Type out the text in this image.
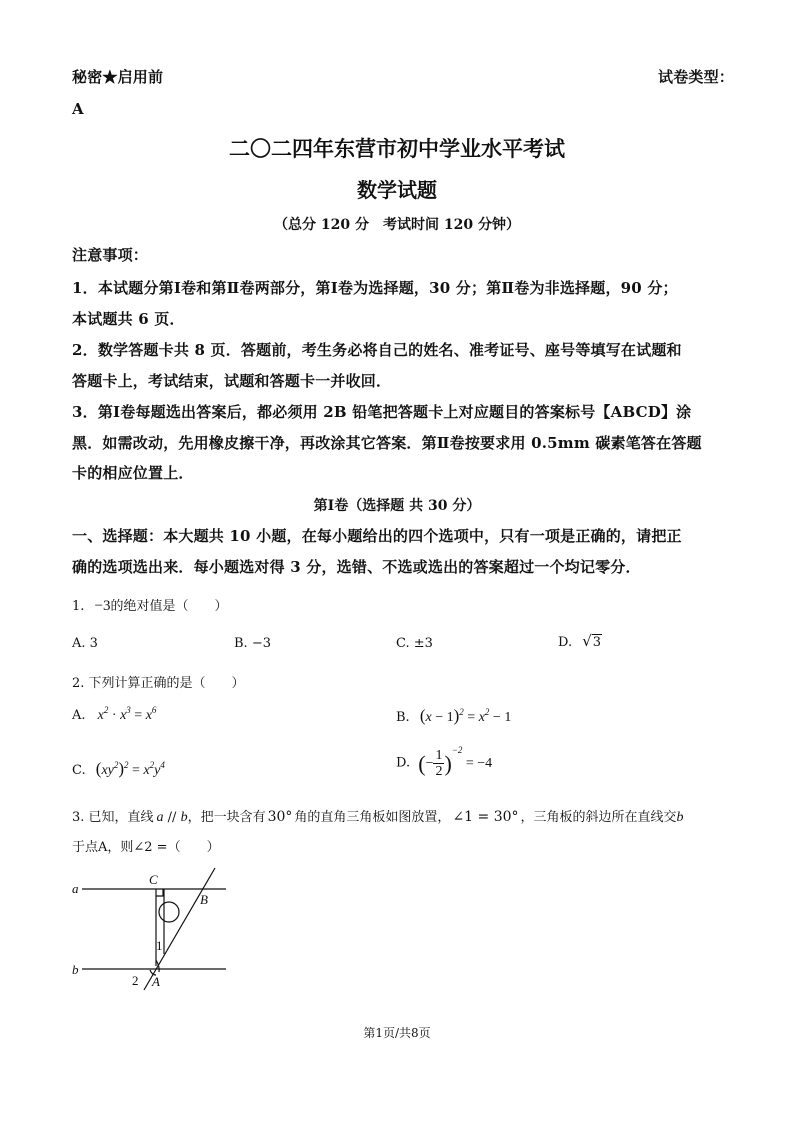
秘密★启用前	试卷类型：
A
二〇二四年东营市初中学业水平考试
数学试题
（总分 120 分　考试时间 120 分钟）
注意事项：
1．本试题分第Ⅰ卷和第Ⅱ卷两部分，第Ⅰ卷为选择题，30 分；第Ⅱ卷为非选择题，90 分；
本试题共 6 页．
2．数学答题卡共 8 页．答题前，考生务必将自己的姓名、准考证号、座号等填写在试题和
答题卡上，考试结束，试题和答题卡一并收回．
3．第Ⅰ卷每题选出答案后，都必须用 2B 铅笔把答题卡上对应题目的答案标号【ABCD】涂
黑．如需改动，先用橡皮擦干净，再改涂其它答案．第Ⅱ卷按要求用 0.5mm 碳素笔答在答题
卡的相应位置上．
第Ⅰ卷（选择题 共 30 分）
一、选择题：本大题共 10 小题，在每小题给出的四个选项中，只有一项是正确的，请把正
确的选项选出来．每小题选对得 3 分，选错、不选或选出的答案超过一个均记零分．
1. −3的绝对值是（　　）
A. 3	B. −3	C. ±3	D. √3
2. 下列计算正确的是（　　）
A. $x^2 \cdot x^3 = x^6$	B. $(x - 1)^2 = x^2 - 1$
C. $(xy^2)^2 = x^2y^4$	D. (− $\frac{1}{2} )^{-2} = -4$
3. 已知，直线 a // b，把一块含有 30° 角的直角三角板如图放置， ∠1 = 30° ，三角板的斜边所在直线交b
于点A，则∠2 =（　　）
a
b
C
B
A
1
2
第1页/共8页
